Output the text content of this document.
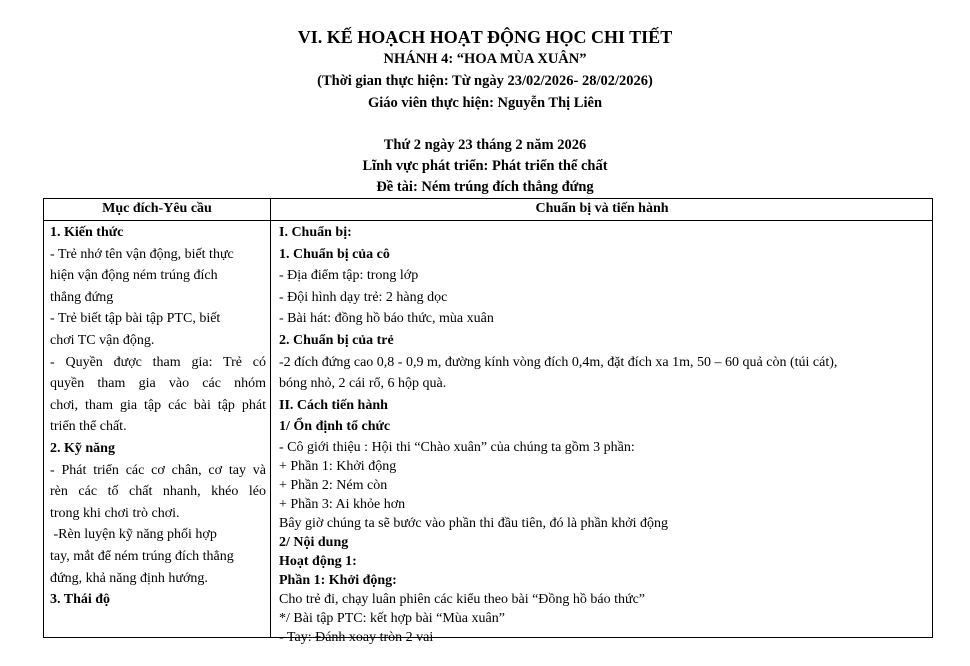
VI. KẾ HOẠCH HOẠT ĐỘNG HỌC CHI TIẾT
NHÁNH 4: “HOA MÙA XUÂN”
(Thời gian thực hiện: Từ ngày 23/02/2026- 28/02/2026)
Giáo viên thực hiện: Nguyễn Thị Liên
Thứ 2 ngày 23 tháng 2 năm 2026
Lĩnh vực phát triển: Phát triển thể chất
Đề tài: Ném trúng đích thẳng đứng
Mục đích-Yêu cầu	Chuẩn bị và tiến hành
1. Kiến thức
- Trẻ nhớ tên vận động, biết thực
hiện vận động ném trúng đích
thẳng đứng
- Trẻ biết tập bài tập PTC, biết
chơi TC vận động.
- Quyền được tham gia: Trẻ có
quyền tham gia vào các nhóm
chơi, tham gia tập các bài tập phát
triển thể chất.
2. Kỹ năng
- Phát triển các cơ chân, cơ tay và
rèn các tố chất nhanh, khéo léo
trong khi chơi trò chơi.
-Rèn luyện kỹ năng phối hợp
tay, mắt để ném trúng đích thẳng
đứng, khả năng định hướng.
3. Thái độ
I. Chuẩn bị:
1. Chuẩn bị của cô
- Địa điểm tập: trong lớp
- Đội hình dạy trẻ: 2 hàng dọc
- Bài hát: đồng hồ báo thức, mùa xuân
2. Chuẩn bị của trẻ
-2 đích đứng cao 0,8 - 0,9 m, đường kính vòng đích 0,4m, đặt đích xa 1m, 50 – 60 quả còn (túi cát),
bóng nhỏ, 2 cái rổ, 6 hộp quà.
II. Cách tiến hành
1/ Ổn định tổ chức
- Cô giới thiệu : Hội thi “Chào xuân” của chúng ta gồm 3 phần:
+ Phần 1: Khởi động
+ Phần 2: Ném còn
+ Phần 3: Ai khỏe hơn
Bây giờ chúng ta sẽ bước vào phần thi đầu tiên, đó là phần khởi động
2/ Nội dung
Hoạt động 1:
Phần 1: Khởi động:
Cho trẻ đi, chạy luân phiên các kiểu theo bài “Đồng hồ báo thức”
*/ Bài tập PTC: kết hợp bài “Mùa xuân”
- Tay: Đánh xoay tròn 2 vai
